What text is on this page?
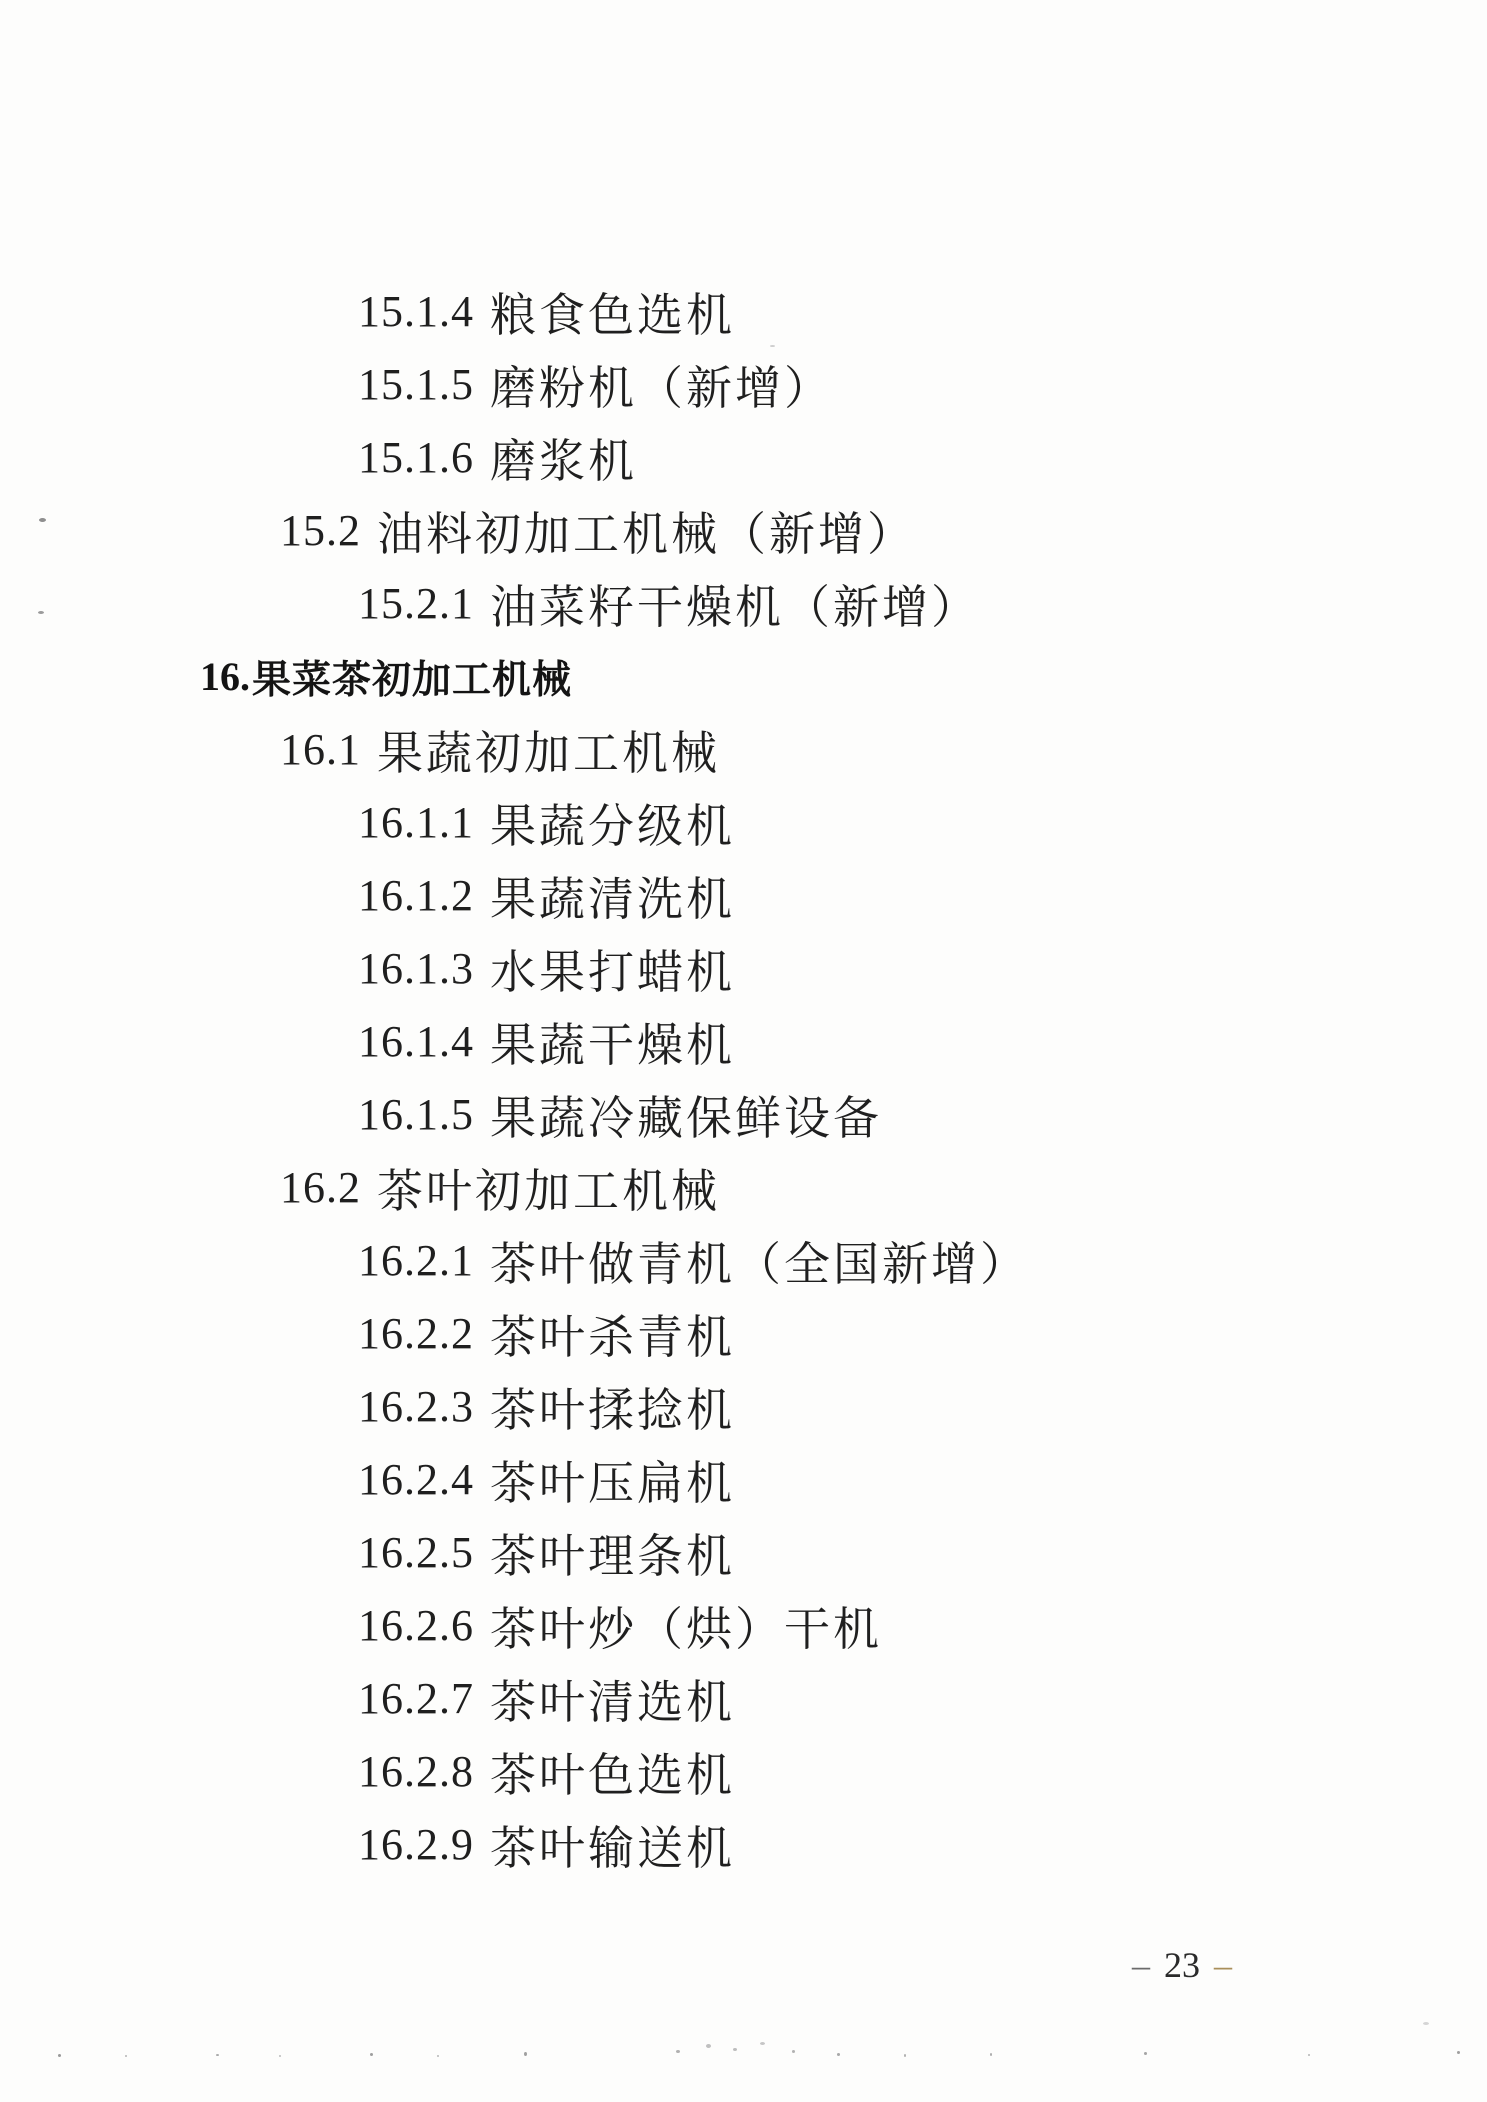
15.1.4 粮食色选机
15.1.5 磨粉机（新增）
15.1.6 磨浆机
15.2 油料初加工机械（新增）
15.2.1 油菜籽干燥机（新增）
16. 果菜茶初加工机械
16.1 果蔬初加工机械
16.1.1 果蔬分级机
16.1.2 果蔬清洗机
16.1.3 水果打蜡机
16.1.4 果蔬干燥机
16.1.5 果蔬冷藏保鲜设备
16.2 茶叶初加工机械
16.2.1 茶叶做青机（全国新增）
16.2.2 茶叶杀青机
16.2.3 茶叶揉捻机
16.2.4 茶叶压扁机
16.2.5 茶叶理条机
16.2.6 茶叶炒（烘）干机
16.2.7 茶叶清选机
16.2.8 茶叶色选机
16.2.9 茶叶输送机
– 23 –
